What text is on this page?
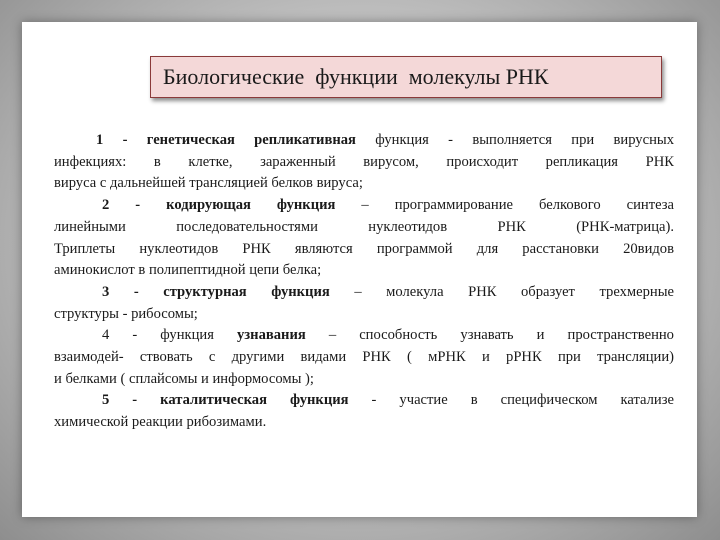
Биологические  функции  молекулы РНК
1 - генетическая репликативная функция - выполняется при вирусных
инфекциях: в клетке, зараженный вирусом, происходит репликация РНК
вируса с дальнейшей трансляцией белков вируса;
2 - кодирующая функция – программирование белкового синтеза
линейными последовательностями нуклеотидов РНК (РНК-матрица).
Триплеты нуклеотидов РНК являются программой для расстановки 20видов
аминокислот в полипептидной цепи белка;
3 - структурная функция – молекула РНК образует трехмерные
структуры - рибосомы;
4 - функция узнавания – способность узнавать и пространственно
взаимодей- ствовать с другими видами РНК ( мРНК и рРНК при трансляции)
и белками ( сплайсомы и информосомы );
5 - каталитическая функция - участие в специфическом катализе
химической реакции рибозимами.
